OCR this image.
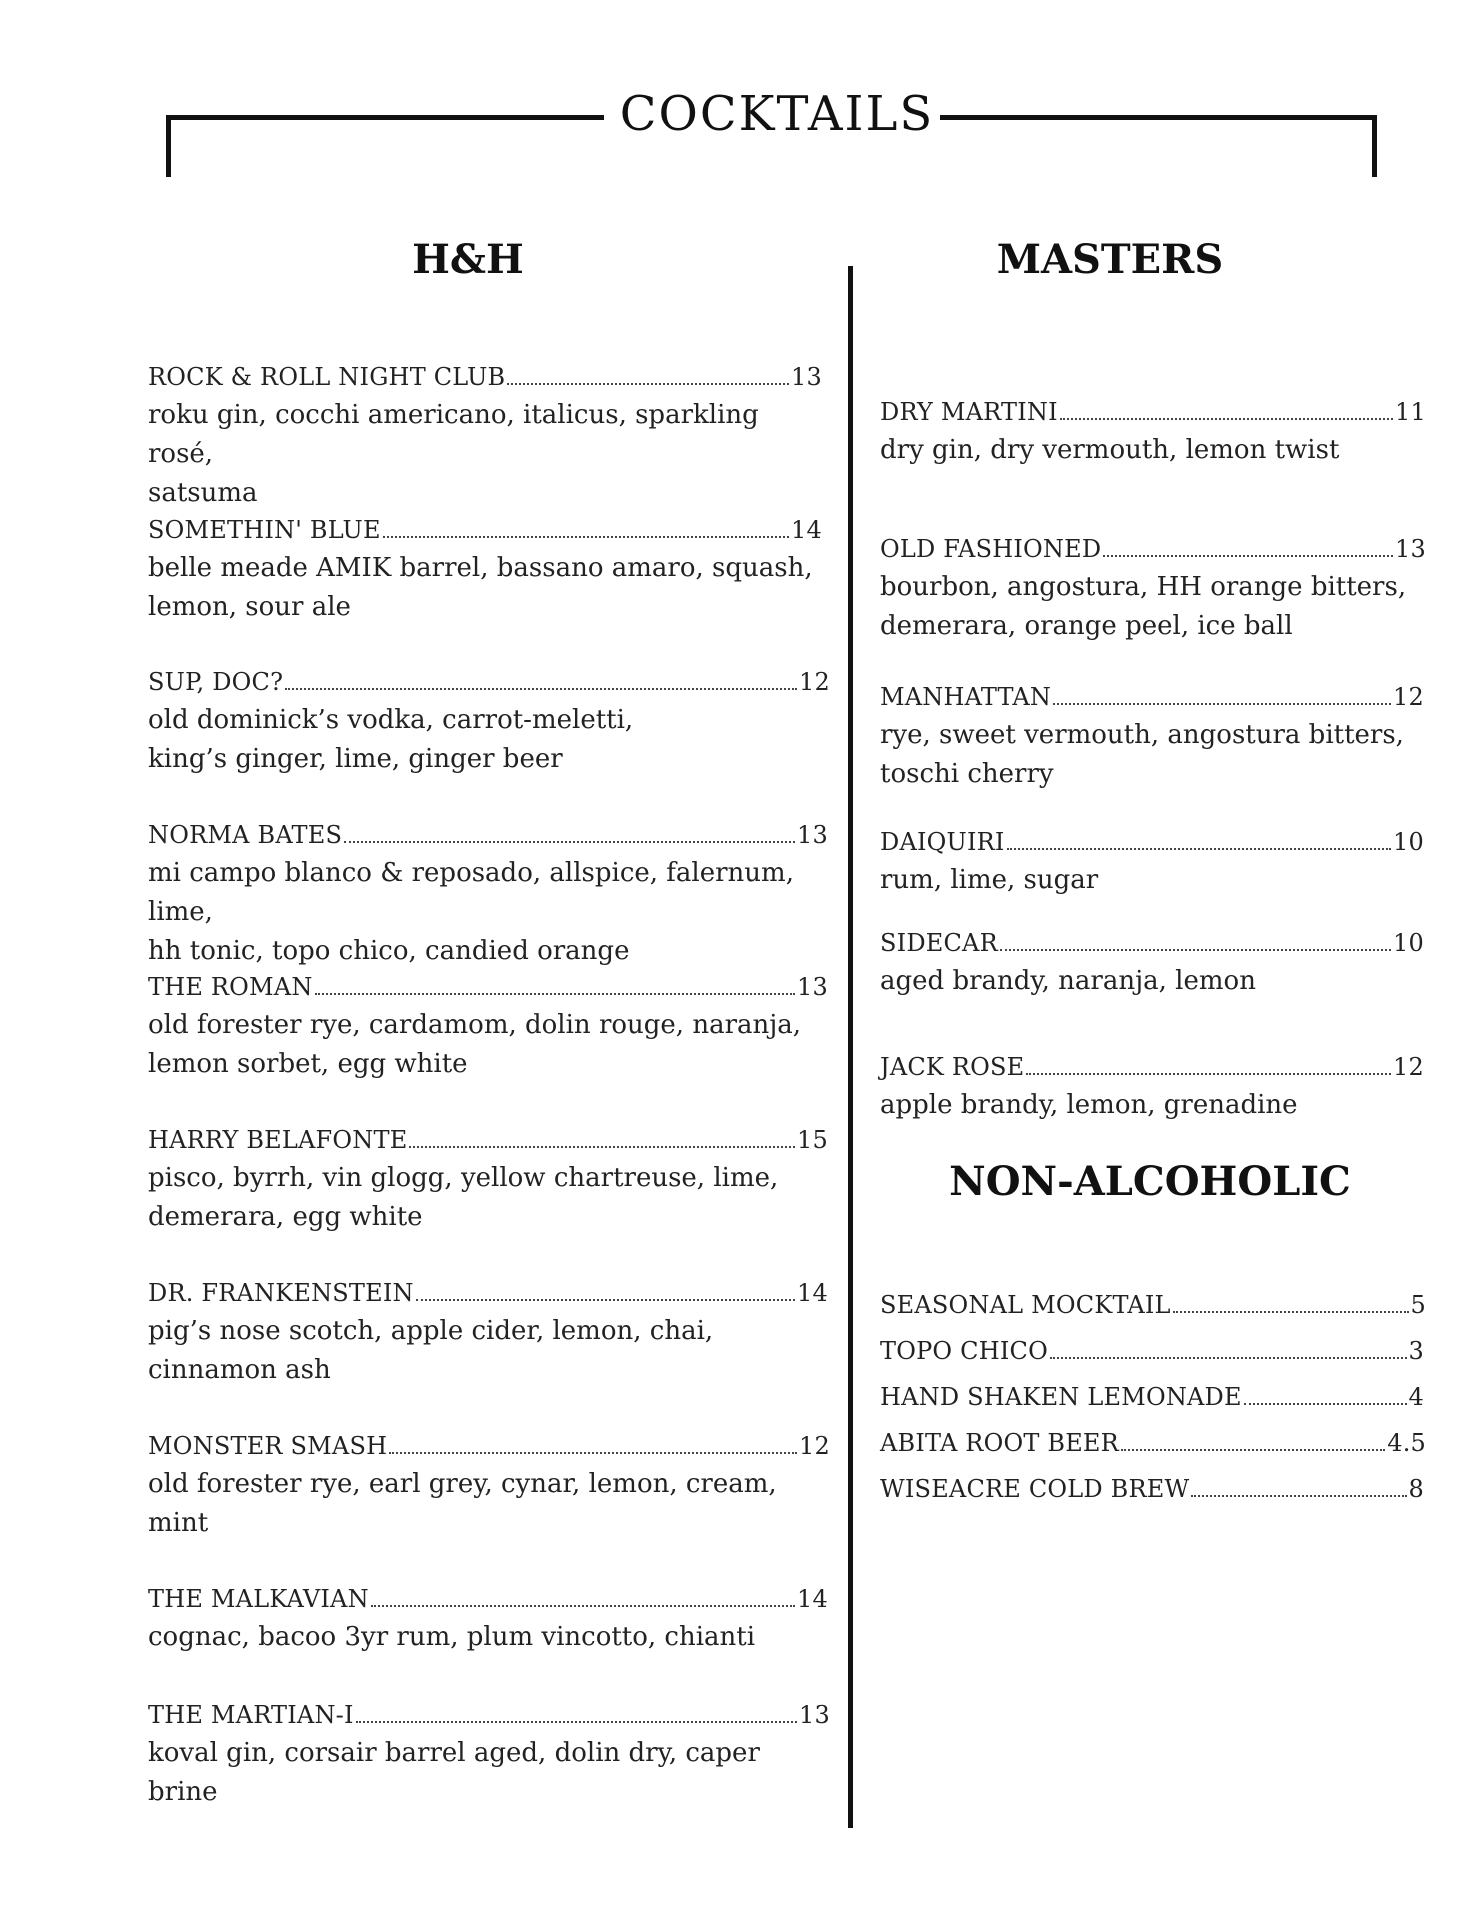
COCKTAILS
H&H	MASTERS
NON-ALCOHOLIC
ROCK & ROLL NIGHT CLUB	13

roku gin, cocchi americano, italicus, sparkling rosé,

satsuma

SOMETHIN' BLUE	14

belle meade AMIK barrel, bassano amaro, squash,

lemon, sour ale

SUP, DOC?	12

old dominick’s vodka, carrot-meletti,

king’s ginger, lime, ginger beer

NORMA BATES	13

mi campo blanco & reposado, allspice, falernum, lime,

hh tonic, topo chico, candied orange

THE ROMAN	13

old forester rye, cardamom, dolin rouge, naranja,

lemon sorbet, egg white

HARRY BELAFONTE	15

pisco, byrrh, vin glogg, yellow chartreuse, lime,

demerara, egg white

DR. FRANKENSTEIN	14

pig’s nose scotch, apple cider, lemon, chai,

cinnamon ash

MONSTER SMASH	12

old forester rye, earl grey, cynar, lemon, cream,

mint

THE MALKAVIAN	14

cognac, bacoo 3yr rum, plum vincotto, chianti

THE MARTIAN-I	13

koval gin, corsair barrel aged, dolin dry, caper brine

DRY MARTINI	11

dry gin, dry vermouth, lemon twist

OLD FASHIONED	13

bourbon, angostura, HH orange bitters,

demerara, orange peel, ice ball

MANHATTAN	12

rye, sweet vermouth, angostura bitters,

toschi cherry

DAIQUIRI	10

rum, lime, sugar

SIDECAR	10

aged brandy, naranja, lemon

JACK ROSE	12

apple brandy, lemon, grenadine

SEASONAL MOCKTAIL	5
TOPO CHICO	3
HAND SHAKEN LEMONADE	4
ABITA ROOT BEER	4.5
WISEACRE COLD BREW	8
